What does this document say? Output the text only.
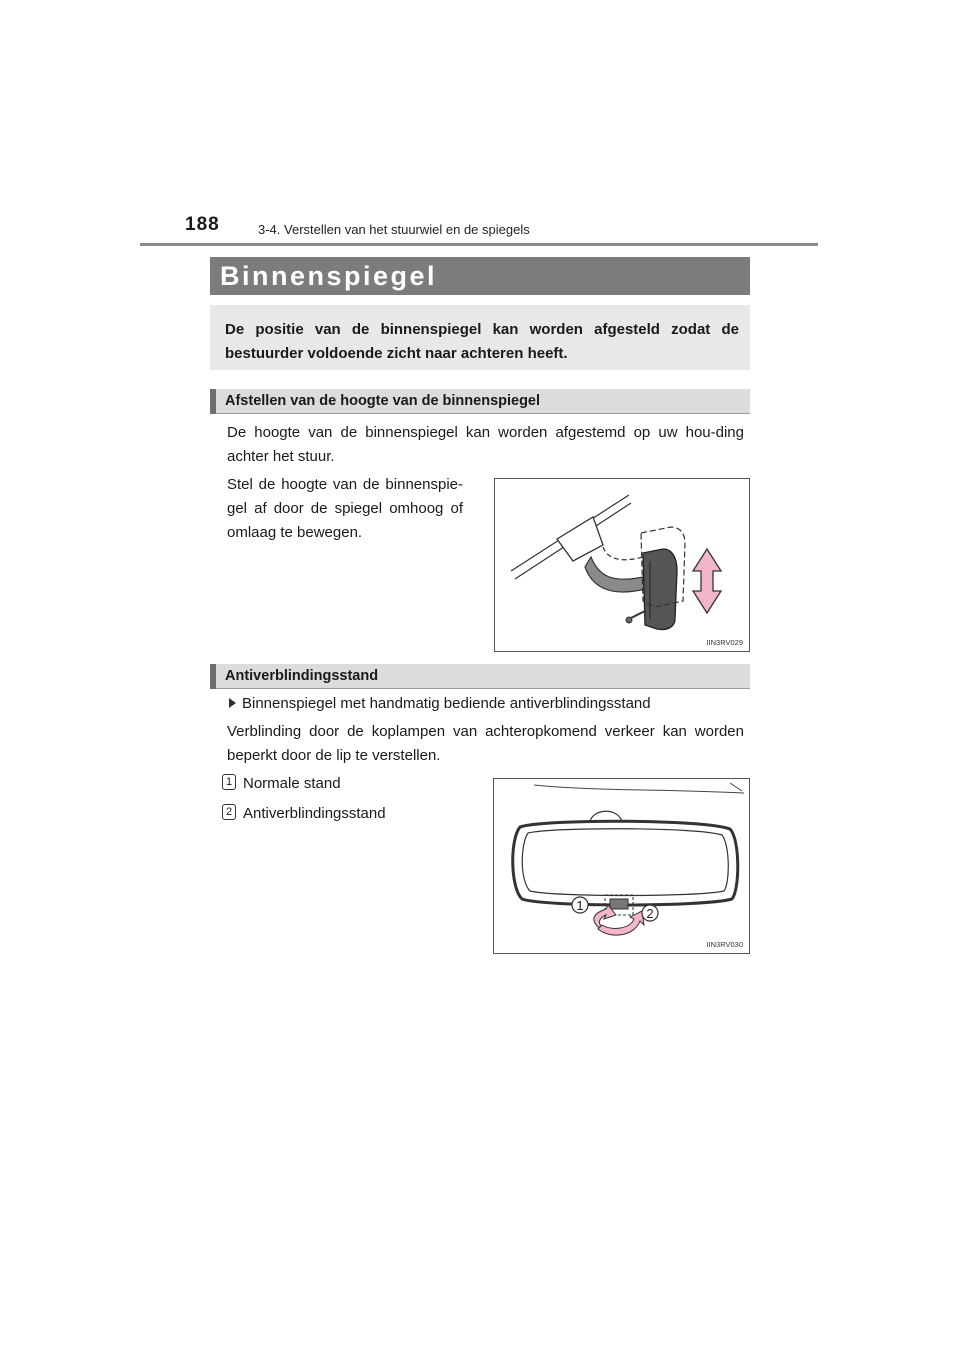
188	3-4. Verstellen van het stuurwiel en de spiegels
Binnenspiegel
De positie van de binnenspiegel kan worden afgesteld zodat de bestuurder voldoende zicht naar achteren heeft.
Afstellen van de hoogte van de binnenspiegel
De hoogte van de binnenspiegel kan worden afgestemd op uw hou-ding achter het stuur.
Stel de hoogte van de binnenspie-gel af door de spiegel omhoog of omlaag te bewegen.
IIN3RV029
Antiverblindingsstand
Binnenspiegel met handmatig bediende antiverblindingsstand
Verblinding door de koplampen van achteropkomend verkeer kan worden beperkt door de lip te verstellen.
1 Normale stand
2 Antiverblindingsstand
1
2
IIN3RV030
